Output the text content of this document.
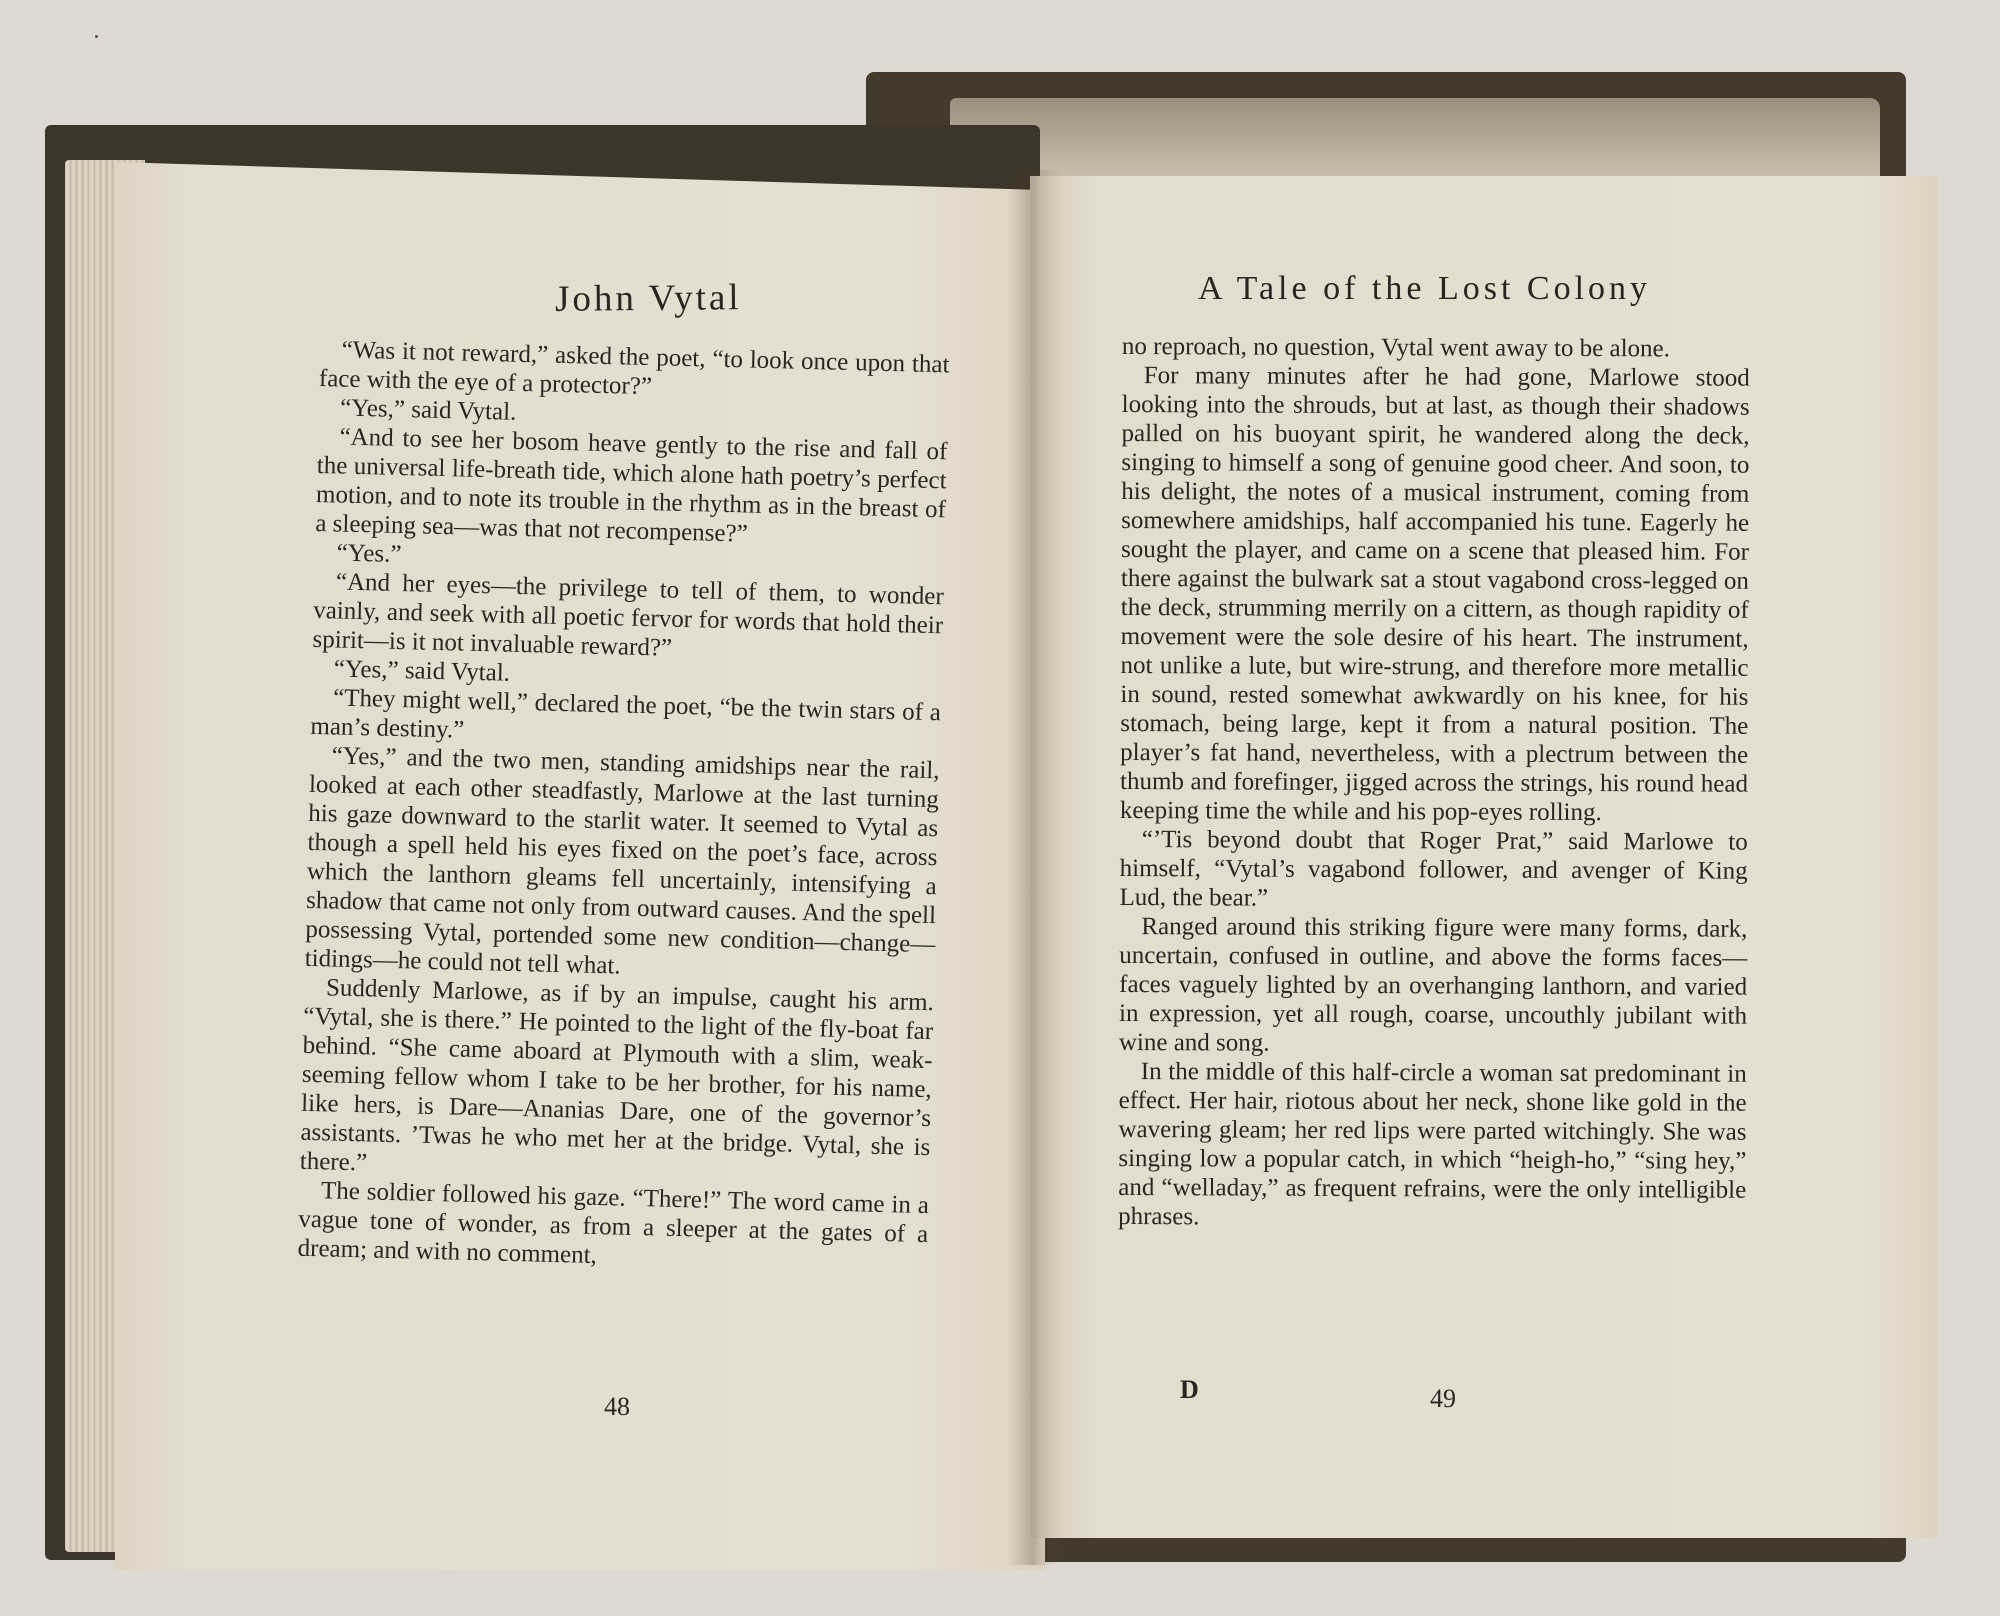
John Vytal

“Was it not reward,” asked the poet, “to look once upon that face with the eye of a protector?”

“Yes,” said Vytal.

“And to see her bosom heave gently to the rise and fall of the universal life-breath tide, which alone hath poetry’s perfect motion, and to note its trouble in the rhythm as in the breast of a sleeping sea—was that not recompense?”

“Yes.”

“And her eyes—the privilege to tell of them, to wonder vainly, and seek with all poetic fervor for words that hold their spirit—is it not invaluable reward?”

“Yes,” said Vytal.

“They might well,” declared the poet, “be the twin stars of a man’s destiny.”

“Yes,” and the two men, standing amidships near the rail, looked at each other steadfastly, Marlowe at the last turning his gaze downward to the starlit water. It seemed to Vytal as though a spell held his eyes fixed on the poet’s face, across which the lanthorn gleams fell uncertainly, intensifying a shadow that came not only from outward causes. And the spell possessing Vytal, portended some new condition—change—tidings—he could not tell what.

Suddenly Marlowe, as if by an impulse, caught his arm. “Vytal, she is there.” He pointed to the light of the fly-boat far behind. “She came aboard at Plymouth with a slim, weak-seeming fellow whom I take to be her brother, for his name, like hers, is Dare—Ananias Dare, one of the governor’s assistants. ’Twas he who met her at the bridge. Vytal, she is there.”

The soldier followed his gaze. “There!” The word came in a vague tone of wonder, as from a sleeper at the gates of a dream; and with no comment,

48
A Tale of the Lost Colony

no reproach, no question, Vytal went away to be alone.

For many minutes after he had gone, Marlowe stood looking into the shrouds, but at last, as though their shadows palled on his buoyant spirit, he wandered along the deck, singing to himself a song of genuine good cheer. And soon, to his delight, the notes of a musical instrument, coming from somewhere amidships, half accompanied his tune. Eagerly he sought the player, and came on a scene that pleased him. For there against the bulwark sat a stout vagabond cross-legged on the deck, strumming merrily on a cittern, as though rapidity of movement were the sole desire of his heart. The instrument, not unlike a lute, but wire-strung, and therefore more metallic in sound, rested somewhat awkwardly on his knee, for his stomach, being large, kept it from a natural position. The player’s fat hand, nevertheless, with a plectrum between the thumb and forefinger, jigged across the strings, his round head keeping time the while and his pop-eyes rolling.

“’Tis beyond doubt that Roger Prat,” said Marlowe to himself, “Vytal’s vagabond follower, and avenger of King Lud, the bear.”

Ranged around this striking figure were many forms, dark, uncertain, confused in outline, and above the forms faces—faces vaguely lighted by an overhanging lanthorn, and varied in expression, yet all rough, coarse, uncouthly jubilant with wine and song.

In the middle of this half-circle a woman sat predominant in effect. Her hair, riotous about her neck, shone like gold in the wavering gleam; her red lips were parted witchingly. She was singing low a popular catch, in which “heigh-ho,” “sing hey,” and “welladay,” as frequent refrains, were the only intelligible phrases.

D	49
